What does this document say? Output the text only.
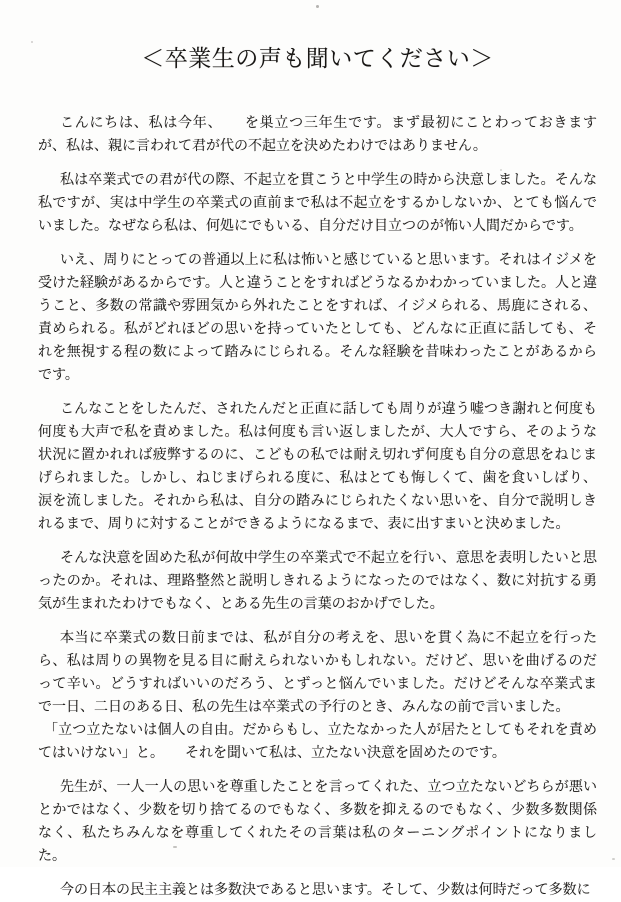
＜卒業生の声も聞いてください＞

こんにちは、私は今年、　　を巣立つ三年生です。まず最初にことわっておきますが、私は、親に言われて君が代の不起立を決めたわけではありません。

私は卒業式での君が代の際、不起立を貫こうと中学生の時から決意しました。そんな私ですが、実は中学生の卒業式の直前まで私は不起立をするかしないか、とても悩んでいました。なぜなら私は、何処にでもいる、自分だけ目立つのが怖い人間だからです。

いえ、周りにとっての普通以上に私は怖いと感じていると思います。それはイジメを受けた経験があるからです。人と違うことをすればどうなるかわかっていました。人と違うこと、多数の常識や雰囲気から外れたことをすれば、イジメられる、馬鹿にされる、責められる。私がどれほどの思いを持っていたとしても、どんなに正直に話しても、それを無視する程の数によって踏みにじられる。そんな経験を昔味わったことがあるからです。

こんなことをしたんだ、されたんだと正直に話しても周りが違う嘘つき謝れと何度も何度も大声で私を責めました。私は何度も言い返しましたが、大人ですら、そのような状況に置かれれば疲弊するのに、こどもの私では耐え切れず何度も自分の意思をねじまげられました。しかし、ねじまげられる度に、私はとても悔しくて、歯を食いしばり、涙を流しました。それから私は、自分の踏みにじられたくない思いを、自分で説明しきれるまで、周りに対することができるようになるまで、表に出すまいと決めました。

そんな決意を固めた私が何故中学生の卒業式で不起立を行い、意思を表明したいと思ったのか。それは、理路整然と説明しきれるようになったのではなく、数に対抗する勇気が生まれたわけでもなく、とある先生の言葉のおかげでした。

本当に卒業式の数日前までは、私が自分の考えを、思いを貫く為に不起立を行ったら、私は周りの異物を見る目に耐えられないかもしれない。だけど、思いを曲げるのだって辛い。どうすればいいのだろう、とずっと悩んでいました。だけどそんな卒業式まで一日、二日のある日、私の先生は卒業式の予行のとき、みんなの前で言いました。

「立つ立たないは個人の自由。だからもし、立たなかった人が居たとしてもそれを責めてはいけない」と。　　それを聞いて私は、立たない決意を固めたのです。

先生が、一人一人の思いを尊重したことを言ってくれた、立つ立たないどちらが悪いとかではなく、少数を切り捨てるのでもなく、多数を抑えるのでもなく、少数多数関係なく、私たちみんなを尊重してくれたその言葉は私のターニングポイントになりました。

今の日本の民主主義とは多数決であると思います。そして、少数は何時だって多数に
